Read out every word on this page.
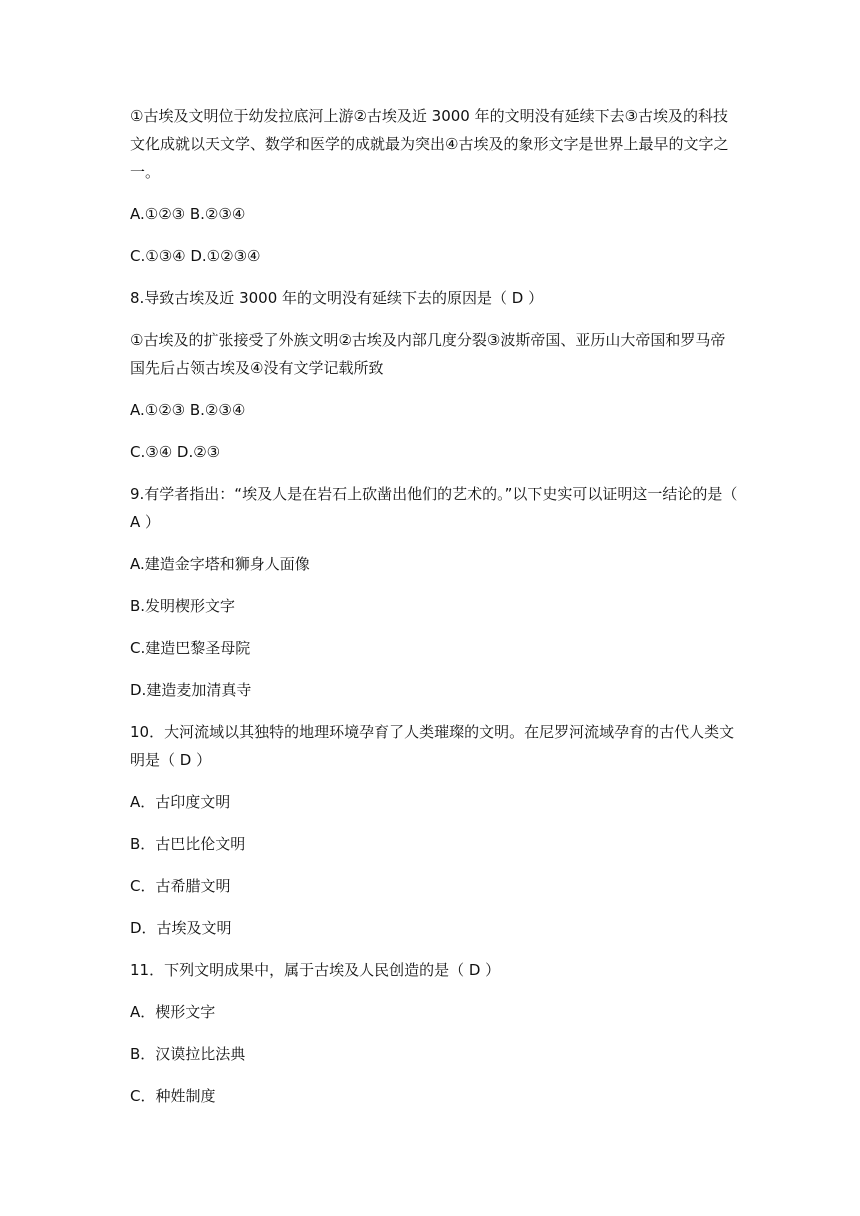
①古埃及文明位于幼发拉底河上游②古埃及近 3000 年的文明没有延续下去③古埃及的科技文化成就以天文学、数学和医学的成就最为突出④古埃及的象形文字是世界上最早的文字之一。

A.①②③ B.②③④

C.①③④ D.①②③④

8.导致古埃及近 3000 年的文明没有延续下去的原因是（ D ）

①古埃及的扩张接受了外族文明②古埃及内部几度分裂③波斯帝国、亚历山大帝国和罗马帝国先后占领古埃及④没有文学记载所致

A.①②③ B.②③④

C.③④ D.②③

9.有学者指出：“埃及人是在岩石上砍凿出他们的艺术的。”以下史实可以证明这一结论的是（ A ）

A.建造金字塔和狮身人面像

B.发明楔形文字

C.建造巴黎圣母院

D.建造麦加清真寺

10．大河流域以其独特的地理环境孕育了人类璀璨的文明。在尼罗河流域孕育的古代人类文明是（ D ）

A．古印度文明

B．古巴比伦文明

C．古希腊文明

D．古埃及文明

11．下列文明成果中，属于古埃及人民创造的是（ D ）

A．楔形文字

B．汉谟拉比法典

C．种姓制度
